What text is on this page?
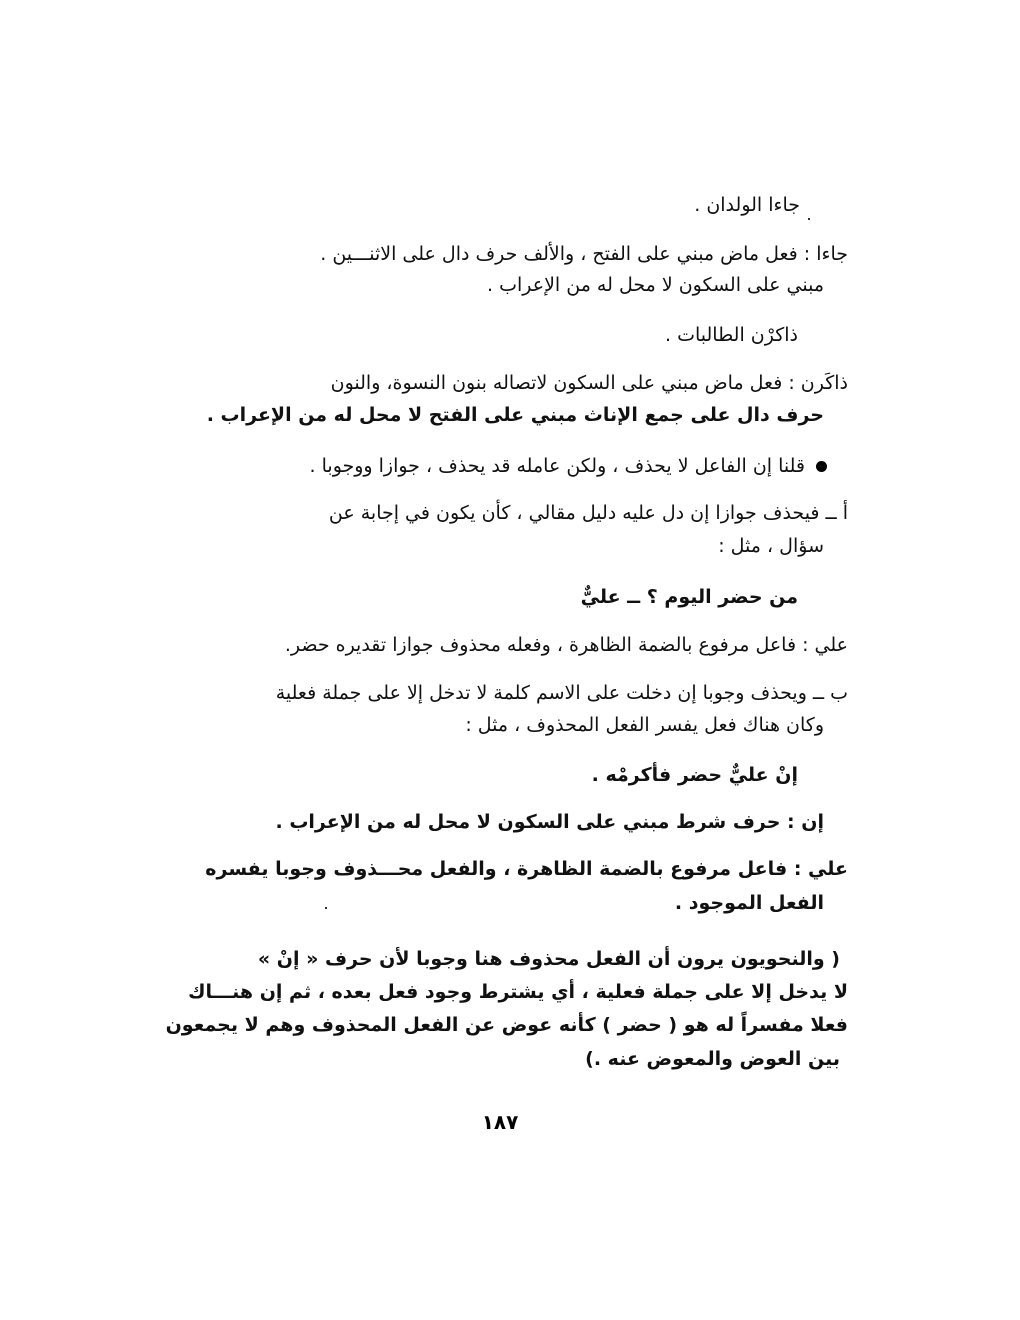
جاءا الولدان .
جاءا : فعل ماض مبني على الفتح ، والألف حرف دال على الاثنـــين .
مبني على السكون لا محل له من الإعراب .
ذاكرْن الطالبات .
ذاكَرن : فعل ماض مبني على السكون لاتصاله بنون النسوة، والنون
حرف دال على جمع الإناث مبني على الفتح لا محل له من الإعراب .
قلنا إن الفاعل لا يحذف ، ولكن عامله قد يحذف ، جوازا ووجوبا .
أ ــ فيحذف جوازا إن دل عليه دليل مقالي ، كأن يكون في إجابة عن
سؤال ، مثل :
من حضر اليوم ؟ ــ عليٌّ
علي : فاعل مرفوع بالضمة الظاهرة ، وفعله محذوف جوازا تقديره حضر.
ب ــ ويحذف وجوبا إن دخلت على الاسم كلمة لا تدخل إلا على جملة فعلية
وكان هناك فعل يفسر الفعل المحذوف ، مثل :
إنْ عليٌّ حضر فأكرمْه .
إن : حرف شرط مبني على السكون لا محل له من الإعراب .
علي : فاعل مرفوع بالضمة الظاهرة ، والفعل محـــذوف وجوبا يفسره
الفعل الموجود .
( والنحويون يرون أن الفعل محذوف هنا وجوبا لأن حرف « إنْ »
لا يدخل إلا على جملة فعلية ، أي يشترط وجود فعل بعده ، ثم إن هنـــاك
فعلا مفسراً له هو ( حضر ) كأنه عوض عن الفعل المحذوف وهم لا يجمعون
بين العوض والمعوض عنه .)
١٨٧
